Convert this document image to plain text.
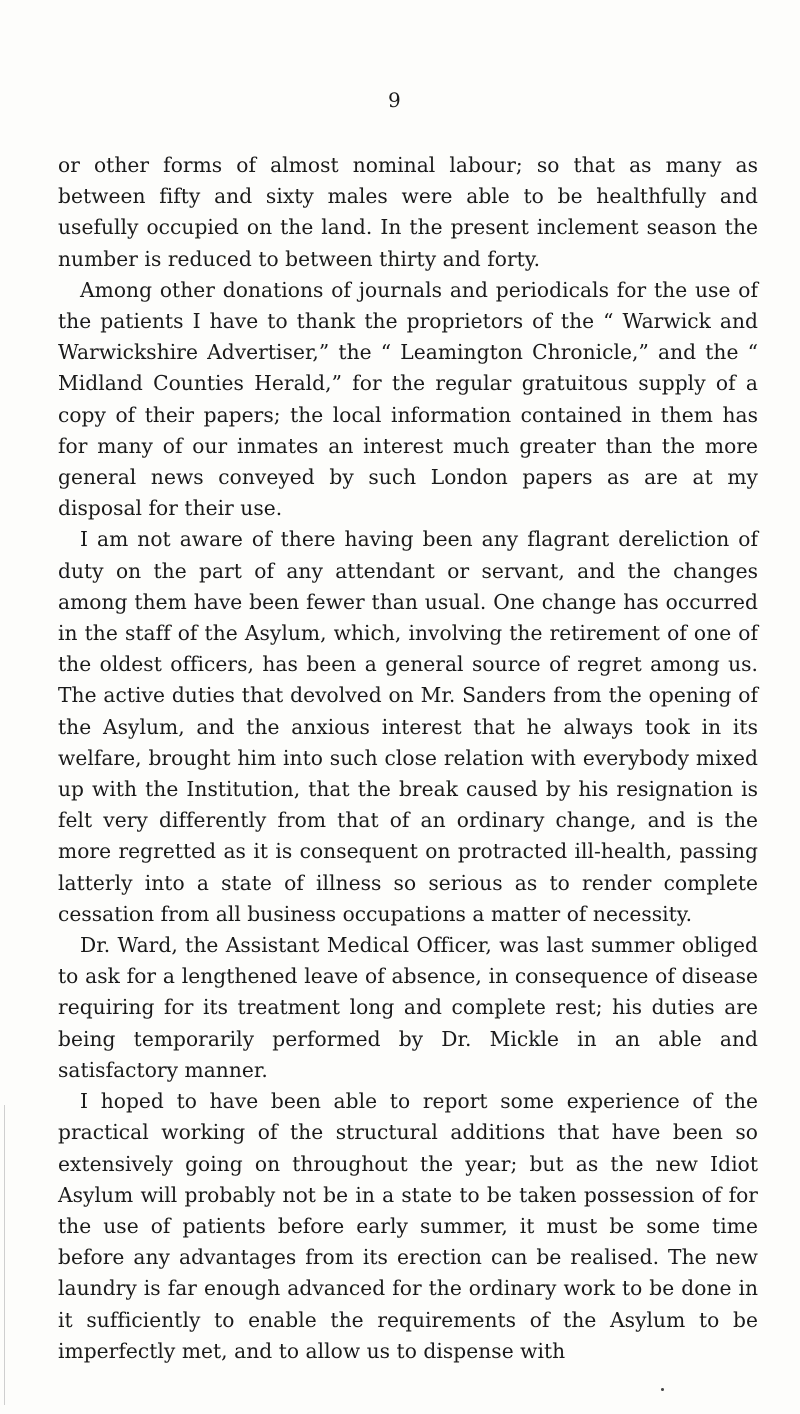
9

or other forms of almost nominal labour; so that as many as between fifty and sixty males were able to be healthfully and usefully occupied on the land. In the present inclement season the number is reduced to between thirty and forty.

Among other donations of journals and periodicals for the use of the patients I have to thank the proprietors of the “ Warwick and Warwickshire Advertiser,” the “ Leamington Chronicle,” and the “ Midland Counties Herald,” for the regular gratuitous supply of a copy of their papers; the local information contained in them has for many of our inmates an interest much greater than the more general news conveyed by such London papers as are at my disposal for their use.

I am not aware of there having been any flagrant dereliction of duty on the part of any attendant or servant, and the changes among them have been fewer than usual. One change has occurred in the staff of the Asylum, which, involving the retirement of one of the oldest officers, has been a general source of regret among us. The active duties that devolved on Mr. Sanders from the opening of the Asylum, and the anxious interest that he always took in its welfare, brought him into such close relation with everybody mixed up with the Institution, that the break caused by his resignation is felt very differently from that of an ordinary change, and is the more regretted as it is consequent on protracted ill-health, passing latterly into a state of illness so serious as to render complete cessation from all business occupations a matter of necessity.

Dr. Ward, the Assistant Medical Officer, was last summer obliged to ask for a lengthened leave of absence, in consequence of disease requiring for its treatment long and complete rest; his duties are being temporarily performed by Dr. Mickle in an able and satisfactory manner.

I hoped to have been able to report some experience of the practical working of the structural additions that have been so extensively going on throughout the year; but as the new Idiot Asylum will probably not be in a state to be taken possession of for the use of patients before early summer, it must be some time before any advantages from its erection can be realised. The new laundry is far enough advanced for the ordinary work to be done in it sufficiently to enable the requirements of the Asylum to be imperfectly met, and to allow us to dispense with
